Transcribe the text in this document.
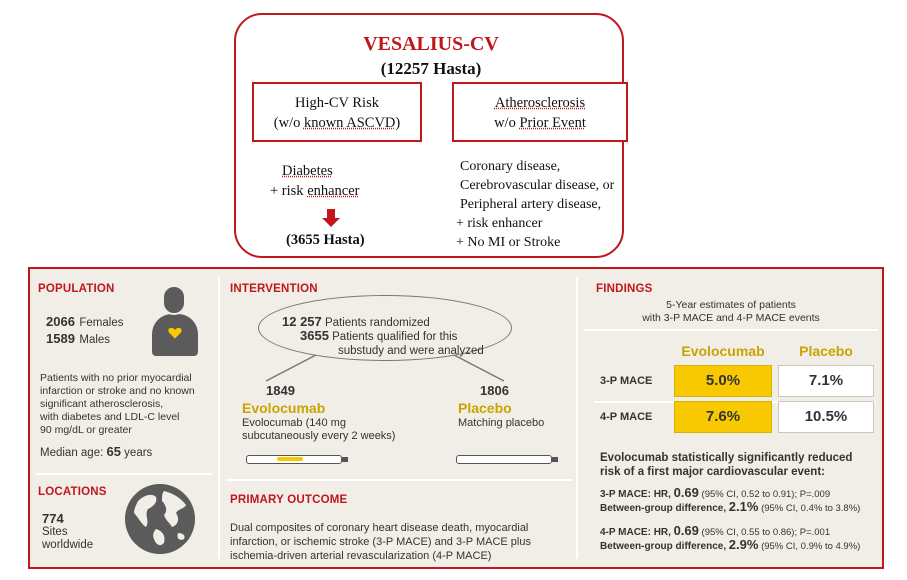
VESALIUS-CV
(12257 Hasta)
High-CV Risk
(w/o known ASCVD)
Atherosclerosis
w/o Prior Event
Diabetes
+ risk enhancer
(3655 Hasta)
Coronary disease,
Cerebrovascular disease, or
Peripheral artery disease,
+ risk enhancer
+ No MI or Stroke
POPULATION
2066 Females
1589 Males
Patients with no prior myocardial
infarction or stroke and no known
significant atherosclerosis,
with diabetes and LDL-C level
90 mg/dL or greater
Median age: 65 years
LOCATIONS
774
Sites
worldwide
INTERVENTION
12 257 Patients randomized
3655 Patients qualified for this
substudy and were analyzed
1849
Evolocumab
Evolocumab (140 mg
subcutaneously every 2 weeks)
1806
Placebo
Matching placebo
PRIMARY OUTCOME
Dual composites of coronary heart disease death, myocardial
infarction, or ischemic stroke (3-P MACE) and 3-P MACE plus
ischemia-driven arterial revascularization (4-P MACE)
FINDINGS
5-Year estimates of patients
with 3-P MACE and 4-P MACE events
Evolocumab	Placebo
3-P MACE	5.0%	7.1%
4-P MACE	7.6%	10.5%
Evolocumab statistically significantly reduced
risk of a first major cardiovascular event:
3-P MACE: HR, 0.69 (95% CI, 0.52 to 0.91); P=.009
Between-group difference, 2.1% (95% CI, 0.4% to 3.8%)
4-P MACE: HR, 0.69 (95% CI, 0.55 to 0.86); P=.001
Between-group difference, 2.9% (95% CI, 0.9% to 4.9%)
